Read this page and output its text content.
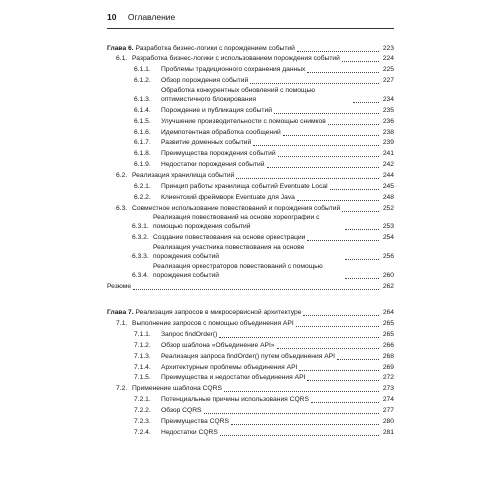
10 Оглавление
Глава 6. Разработка бизнес-логики с порождением событий	223
6.1. Разработка бизнес-логики с использованием порождения событий	224
6.1.1. Проблемы традиционного сохранения данных	225
6.1.2. Обзор порождения событий	227
6.1.3.
Обработка конкурентных обновлений с помощью оптимистичного блокирования	234
6.1.4. Порождение и публикация событий	235
6.1.5. Улучшение производительности с помощью снимков	236
6.1.6. Идемпотентная обработка сообщений	238
6.1.7. Развитие доменных событий	239
6.1.8. Преимущества порождения событий	241
6.1.9. Недостатки порождения событий	242
6.2. Реализация хранилища событий	244
6.2.1. Принцип работы хранилища событий Eventuate Local	245
6.2.2. Клиентский фреймворк Eventuate для Java	248
6.3. Совместное использование повествований и порождения событий	252
6.3.1.
Реализация повествований на основе хореографии с помощью порождения событий	253
6.3.2. Создание повествования на основе оркестрации	254
6.3.3.
Реализация участника повествования на основе порождения событий	256
6.3.4.
Реализация оркестраторов повествований с помощью порождения событий	260
Резюме	262
Глава 7. Реализация запросов в микросервисной архитектуре	264
7.1. Выполнение запросов с помощью объединения API	265
7.1.1. Запрос findOrder()	265
7.1.2. Обзор шаблона «Объединение API»	266
7.1.3. Реализация запроса findOrder() путем объединения API	268
7.1.4. Архитектурные проблемы объединения API	269
7.1.5. Преимущества и недостатки объединения API	272
7.2. Применение шаблона CQRS	273
7.2.1. Потенциальные причины использования CQRS	274
7.2.2. Обзор CQRS	277
7.2.3. Преимущества CQRS	280
7.2.4. Недостатки CQRS	281
